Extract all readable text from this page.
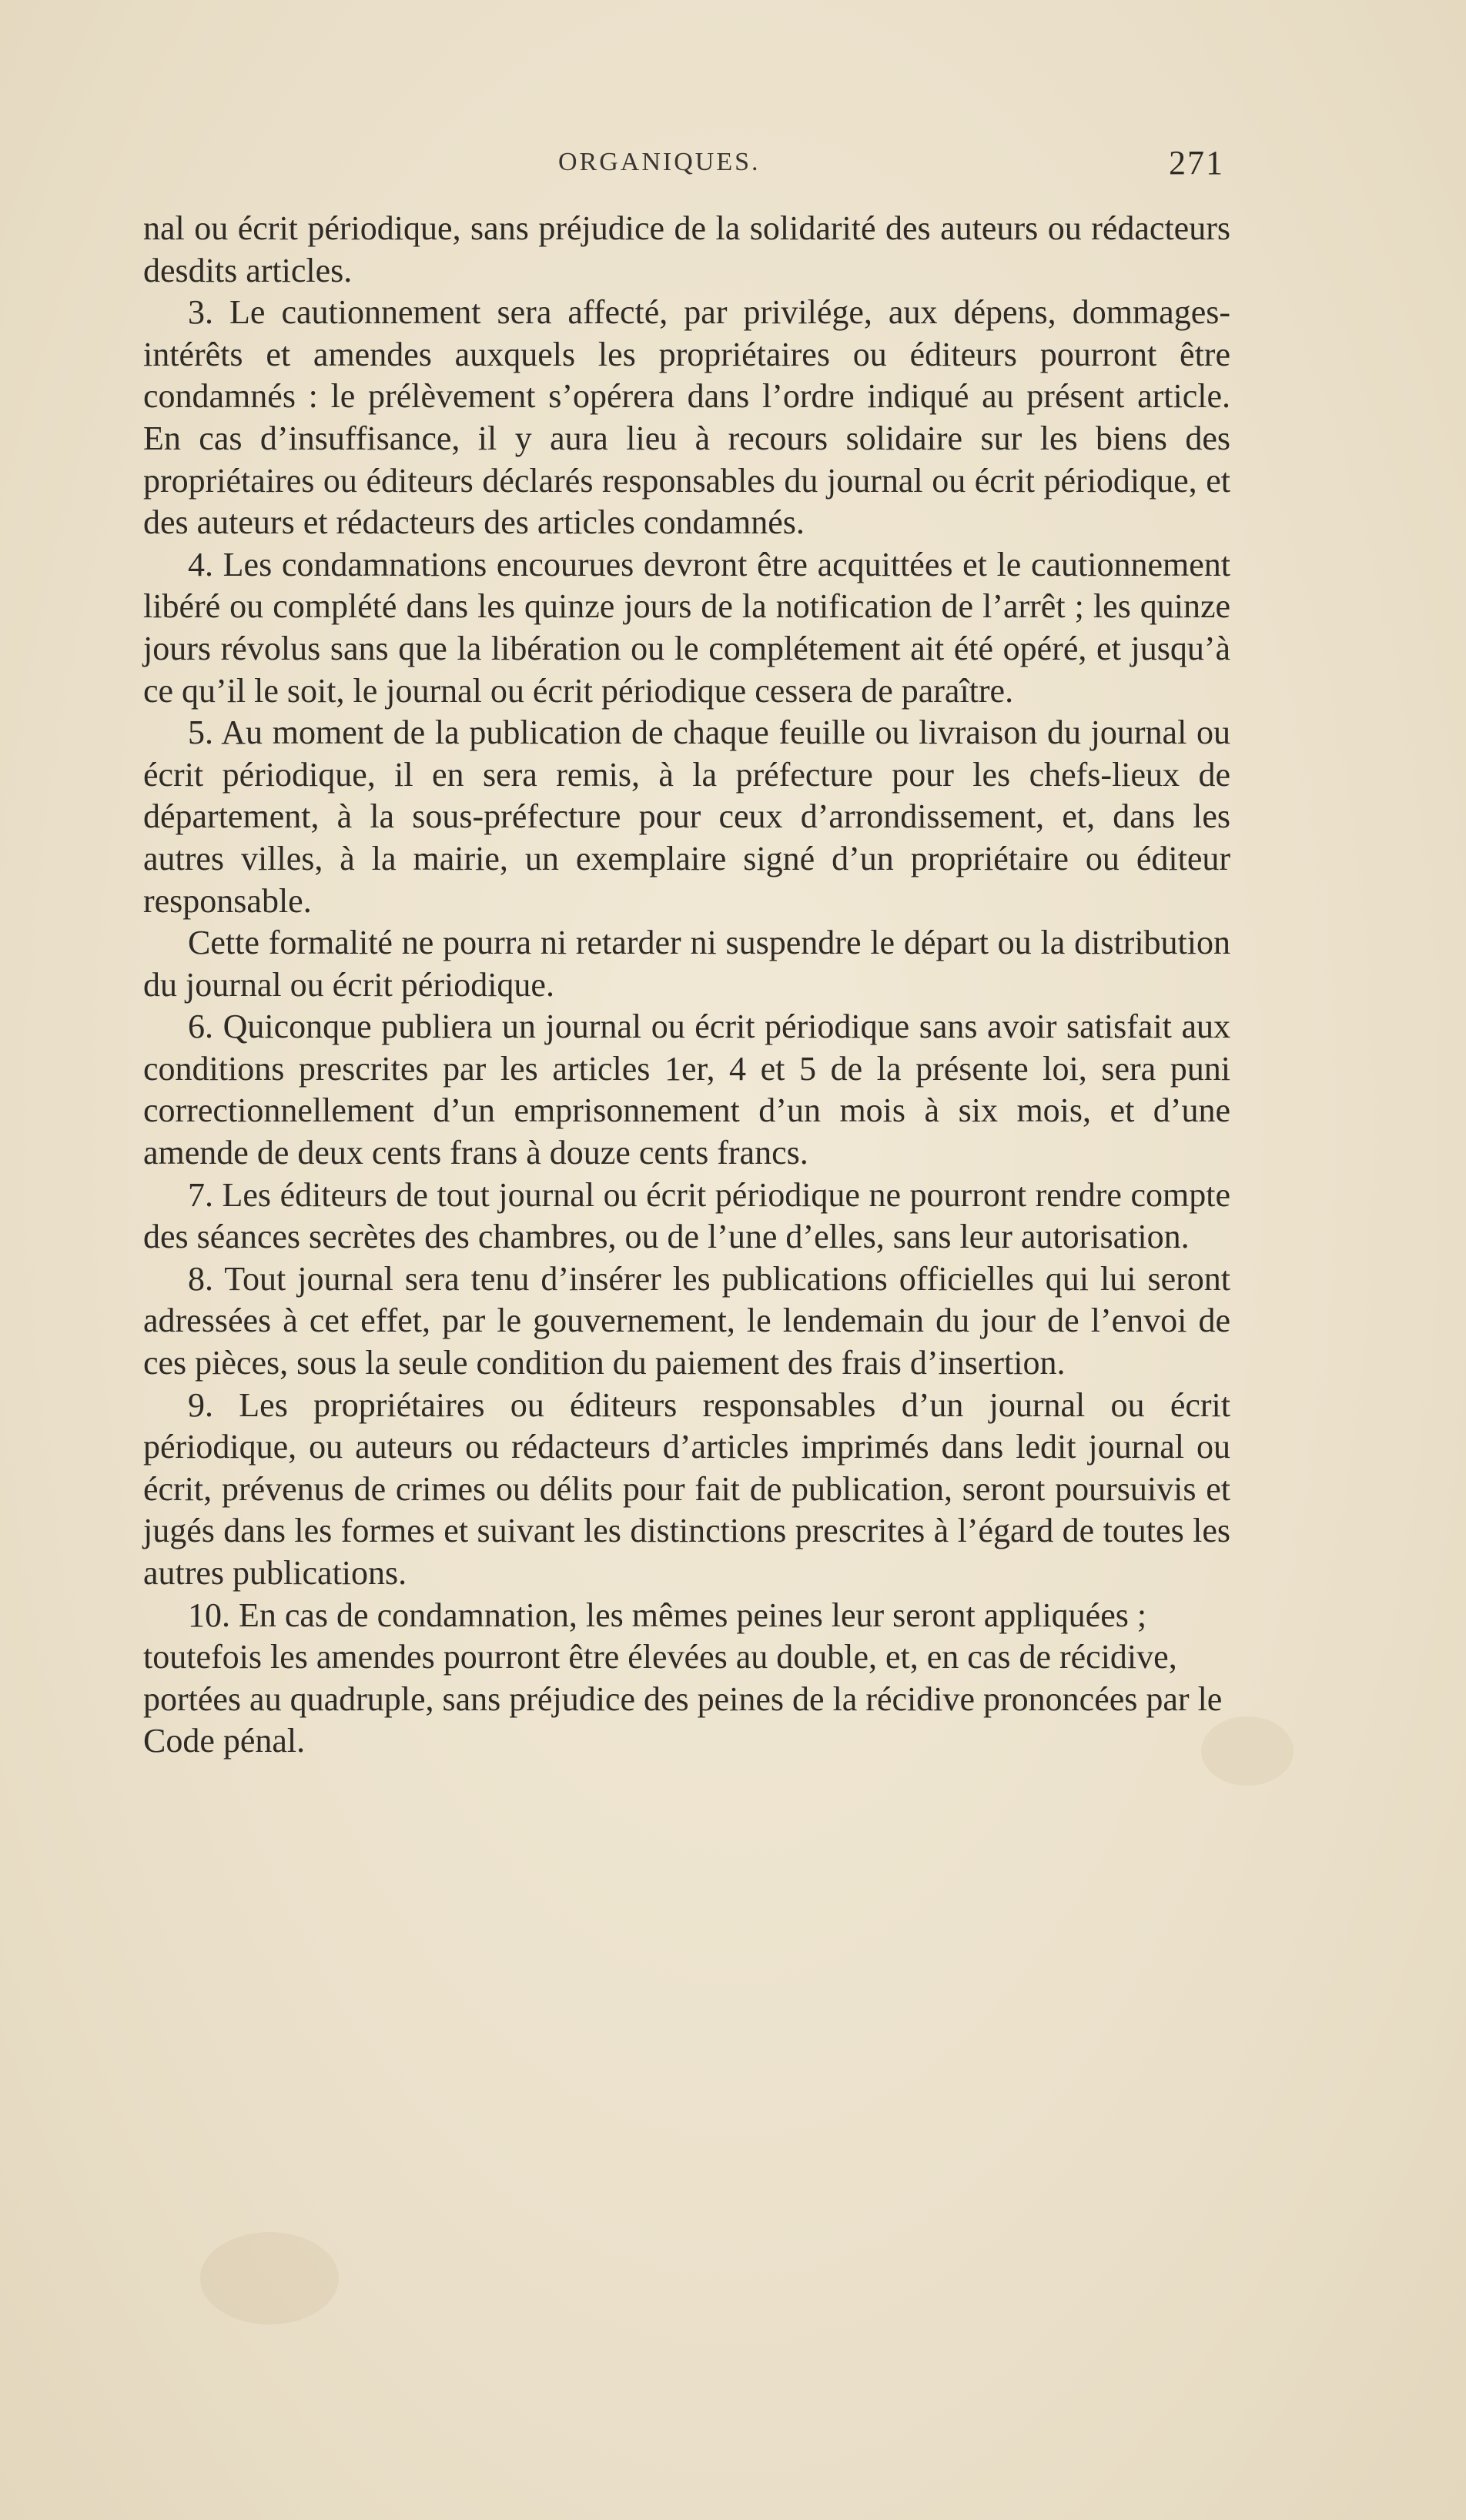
ORGANIQUES.	271

nal ou écrit périodique, sans préjudice de la solidarité des auteurs ou rédacteurs desdits articles.

3. Le cautionnement sera affecté, par privilége, aux dépens, dommages-intérêts et amendes auxquels les propriétaires ou éditeurs pourront être condamnés : le prélèvement s’opérera dans l’ordre indiqué au présent article. En cas d’insuffisance, il y aura lieu à recours solidaire sur les biens des propriétaires ou éditeurs déclarés responsables du journal ou écrit périodique, et des auteurs et rédacteurs des articles condamnés.

4. Les condamnations encourues devront être acquittées et le cautionnement libéré ou complété dans les quinze jours de la notification de l’arrêt ; les quinze jours révolus sans que la libération ou le complétement ait été opéré, et jusqu’à ce qu’il le soit, le journal ou écrit périodique cessera de paraître.

5. Au moment de la publication de chaque feuille ou livraison du journal ou écrit périodique, il en sera remis, à la préfecture pour les chefs-lieux de département, à la sous-préfecture pour ceux d’arrondissement, et, dans les autres villes, à la mairie, un exemplaire signé d’un propriétaire ou éditeur responsable.

Cette formalité ne pourra ni retarder ni suspendre le départ ou la distribution du journal ou écrit périodique.

6. Quiconque publiera un journal ou écrit périodique sans avoir satisfait aux conditions prescrites par les articles 1er, 4 et 5 de la présente loi, sera puni correctionnellement d’un emprisonnement d’un mois à six mois, et d’une amende de deux cents frans à douze cents francs.

7. Les éditeurs de tout journal ou écrit périodique ne pourront rendre compte des séances secrètes des chambres, ou de l’une d’elles, sans leur autorisation.

8. Tout journal sera tenu d’insérer les publications officielles qui lui seront adressées à cet effet, par le gouvernement, le lendemain du jour de l’envoi de ces pièces, sous la seule condition du paiement des frais d’insertion.

9. Les propriétaires ou éditeurs responsables d’un journal ou écrit périodique, ou auteurs ou rédacteurs d’articles imprimés dans ledit journal ou écrit, prévenus de crimes ou délits pour fait de publication, seront poursuivis et jugés dans les formes et suivant les distinctions prescrites à l’égard de toutes les autres publications.

10. En cas de condamnation, les mêmes peines leur seront appliquées ; toutefois les amendes pourront être élevées au double, et, en cas de récidive, portées au quadruple, sans préjudice des peines de la récidive prononcées par le Code pénal.
